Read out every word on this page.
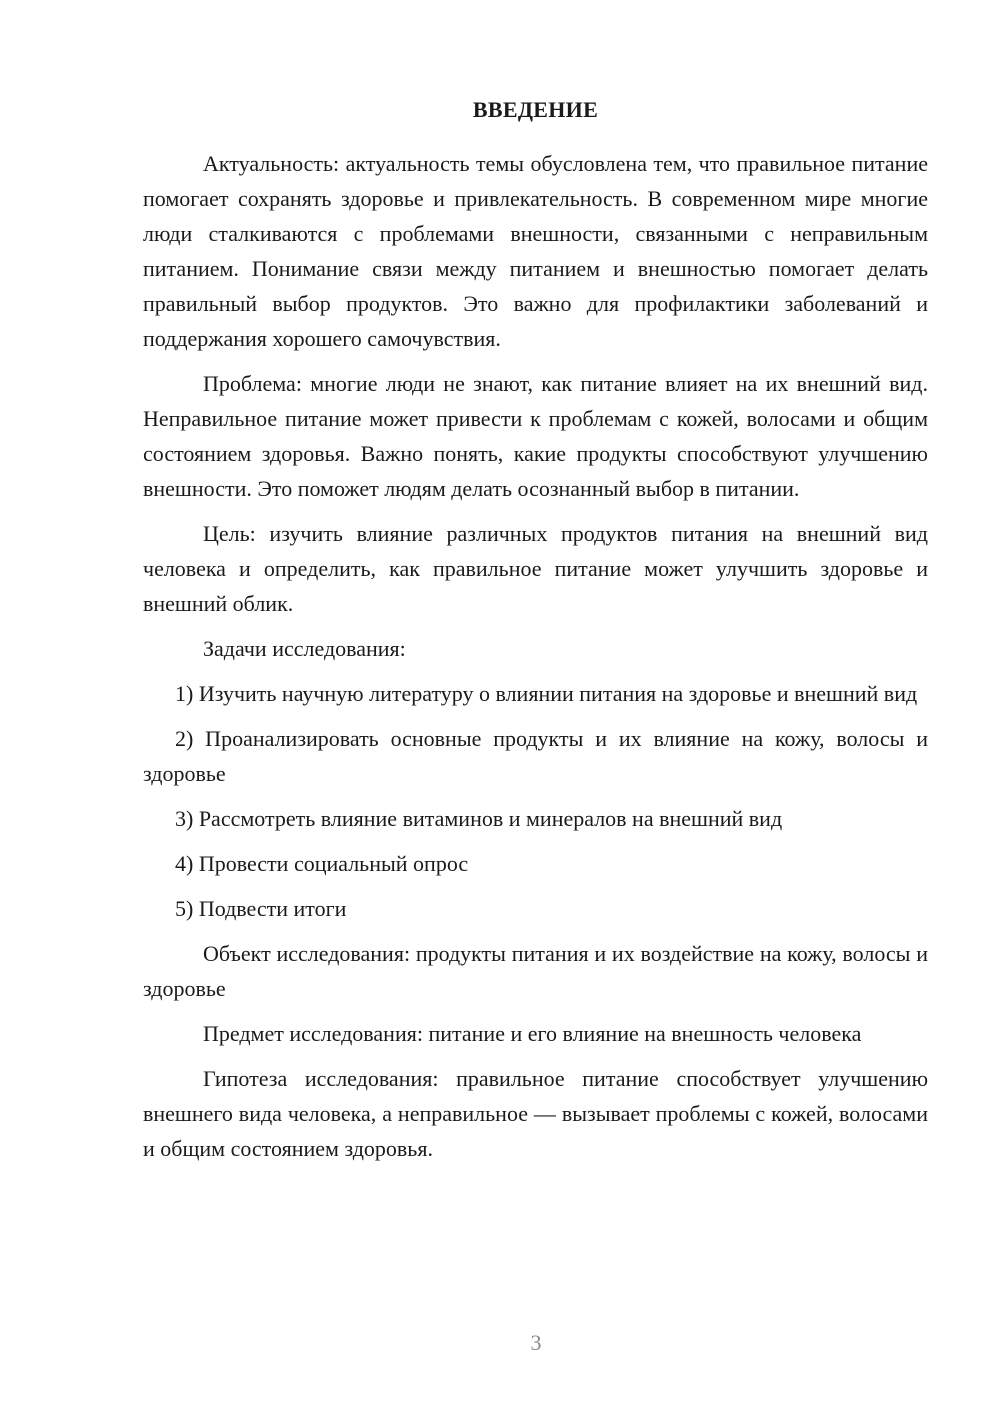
ВВЕДЕНИЕ

Актуальность: актуальность темы обусловлена тем, что правильное питание помогает сохранять здоровье и привлекательность. В современном мире многие люди сталкиваются с проблемами внешности, связанными с неправильным питанием. Понимание связи между питанием и внешностью помогает делать правильный выбор продуктов. Это важно для профилактики заболеваний и поддержания хорошего самочувствия.

Проблема: многие люди не знают, как питание влияет на их внешний вид. Неправильное питание может привести к проблемам с кожей, волосами и общим состоянием здоровья. Важно понять, какие продукты способствуют улучшению внешности. Это поможет людям делать осознанный выбор в питании.

Цель: изучить влияние различных продуктов питания на внешний вид человека и определить, как правильное питание может улучшить здоровье и внешний облик.

Задачи исследования:

1) Изучить научную литературу о влиянии питания на здоровье и внешний вид

2) Проанализировать основные продукты и их влияние на кожу, волосы и здоровье

3) Рассмотреть влияние витаминов и минералов на внешний вид

4) Провести социальный опрос

5) Подвести итоги

Объект исследования: продукты питания и их воздействие на кожу, волосы и здоровье

Предмет исследования: питание и его влияние на внешность человека

Гипотеза исследования: правильное питание способствует улучшению внешнего вида человека, а неправильное — вызывает проблемы с кожей, волосами и общим состоянием здоровья.

3
